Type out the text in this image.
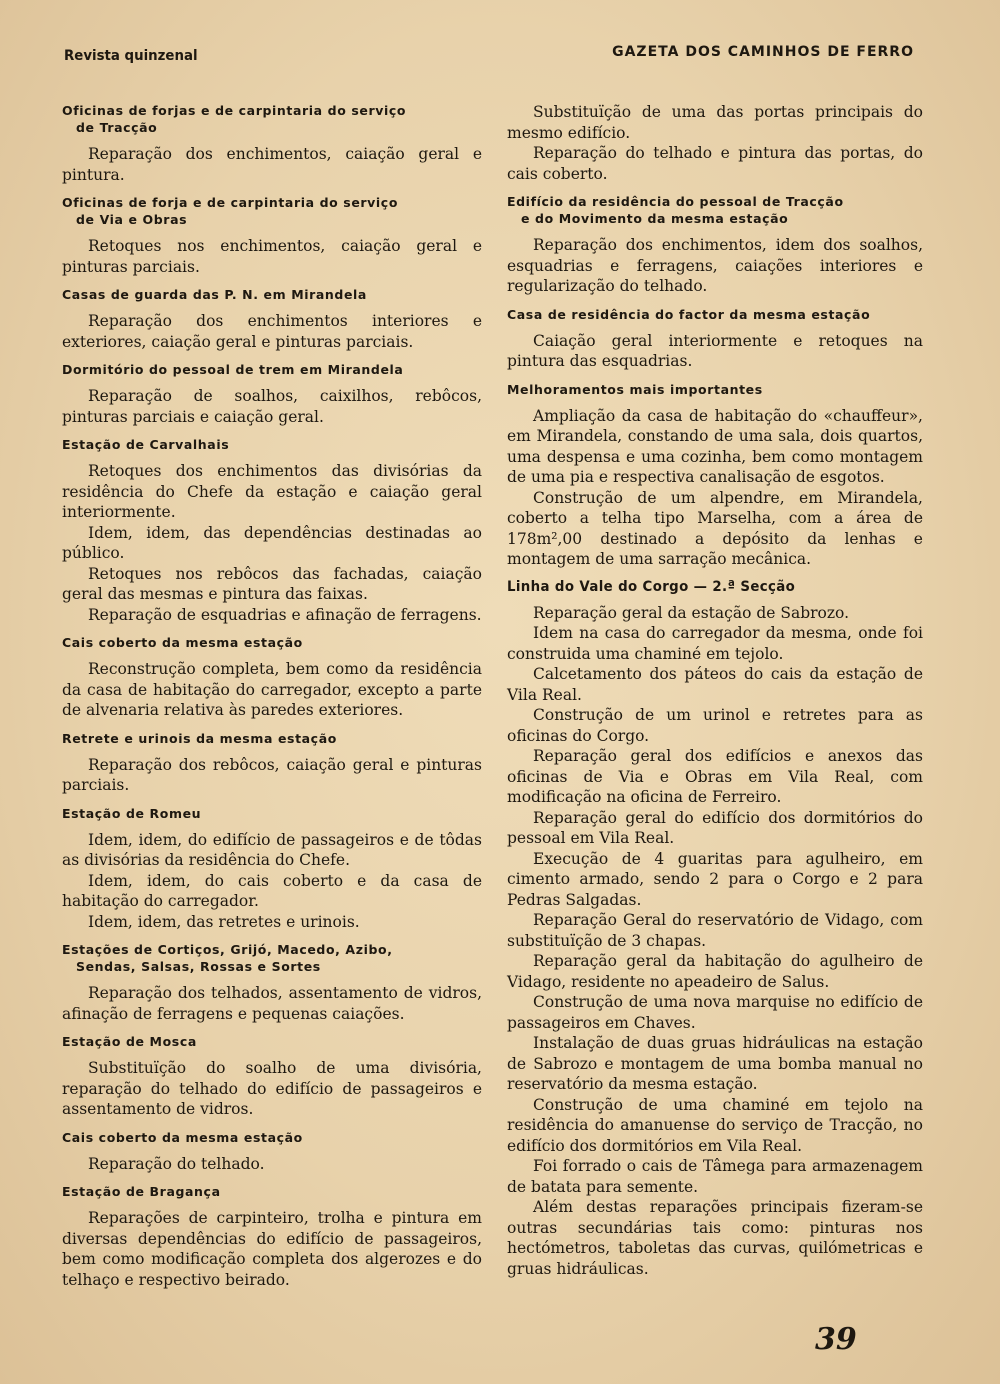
Revista quinzenal	GAZETA DOS CAMINHOS DE FERRO
Oficinas de forjas e de carpintaria do serviço
de Tracção

Reparação dos enchimentos, caiação geral e pintura.

Oficinas de forja e de carpintaria do serviço
de Via e Obras

Retoques nos enchimentos, caiação geral e pinturas parciais.

Casas de guarda das P. N. em Mirandela

Reparação dos enchimentos interiores e exteriores, caiação geral e pinturas parciais.

Dormitório do pessoal de trem em Mirandela

Reparação de soalhos, caixilhos, rebôcos, pinturas parciais e caiação geral.

Estação de Carvalhais

Retoques dos enchimentos das divisórias da residência do Chefe da estação e caiação geral interiormente.

Idem, idem, das dependências destinadas ao público.

Retoques nos rebôcos das fachadas, caiação geral das mesmas e pintura das faixas.

Reparação de esquadrias e afinação de ferragens.

Cais coberto da mesma estação

Reconstrução completa, bem como da residência da casa de habitação do carregador, excepto a parte de alvenaria relativa às paredes exteriores.

Retrete e urinois da mesma estação

Reparação dos rebôcos, caiação geral e pinturas parciais.

Estação de Romeu

Idem, idem, do edifício de passageiros e de tôdas as divisórias da residência do Chefe.

Idem, idem, do cais coberto e da casa de habitação do carregador.

Idem, idem, das retretes e urinois.

Estações de Cortiços, Grijó, Macedo, Azibo,
Sendas, Salsas, Rossas e Sortes

Reparação dos telhados, assentamento de vidros, afinação de ferragens e pequenas caiações.

Estação de Mosca

Substituïção do soalho de uma divisória, reparação do telhado do edifício de passageiros e assentamento de vidros.

Cais coberto da mesma estação

Reparação do telhado.

Estação de Bragança

Reparações de carpinteiro, trolha e pintura em diversas dependências do edifício de passageiros, bem como modificação completa dos algerozes e do telhaço e respectivo beirado.

Substituïção de uma das portas principais do mesmo edifício.

Reparação do telhado e pintura das portas, do cais coberto.

Edifício da residência do pessoal de Tracção
e do Movimento da mesma estação

Reparação dos enchimentos, idem dos soalhos, esquadrias e ferragens, caiações interiores e regularização do telhado.

Casa de residência do factor da mesma estação

Caiação geral interiormente e retoques na pintura das esquadrias.

Melhoramentos mais importantes

Ampliação da casa de habitação do «chauffeur», em Mirandela, constando de uma sala, dois quartos, uma despensa e uma cozinha, bem como montagem de uma pia e respectiva canalisação de esgotos.

Construção de um alpendre, em Mirandela, coberto a telha tipo Marselha, com a área de 178m²,00 destinado a depósito da lenhas e montagem de uma sarração mecânica.

Linha do Vale do Corgo — 2.ª Secção

Reparação geral da estação de Sabrozo.

Idem na casa do carregador da mesma, onde foi construida uma chaminé em tejolo.

Calcetamento dos páteos do cais da estação de Vila Real.

Construção de um urinol e retretes para as oficinas do Corgo.

Reparação geral dos edifícios e anexos das oficinas de Via e Obras em Vila Real, com modificação na oficina de Ferreiro.

Reparação geral do edifício dos dormitórios do pessoal em Vila Real.

Execução de 4 guaritas para agulheiro, em cimento armado, sendo 2 para o Corgo e 2 para Pedras Salgadas.

Reparação Geral do reservatório de Vidago, com substituïção de 3 chapas.

Reparação geral da habitação do agulheiro de Vidago, residente no apeadeiro de Salus.

Construção de uma nova marquise no edifício de passageiros em Chaves.

Instalação de duas gruas hidráulicas na estação de Sabrozo e montagem de uma bomba manual no reservatório da mesma estação.

Construção de uma chaminé em tejolo na residência do amanuense do serviço de Tracção, no edifício dos dormitórios em Vila Real.

Foi forrado o cais de Tâmega para armazenagem de batata para semente.

Além destas reparações principais fizeram-se outras secundárias tais como: pinturas nos hectómetros, taboletas das curvas, quilómetricas e gruas hidráulicas.

39
